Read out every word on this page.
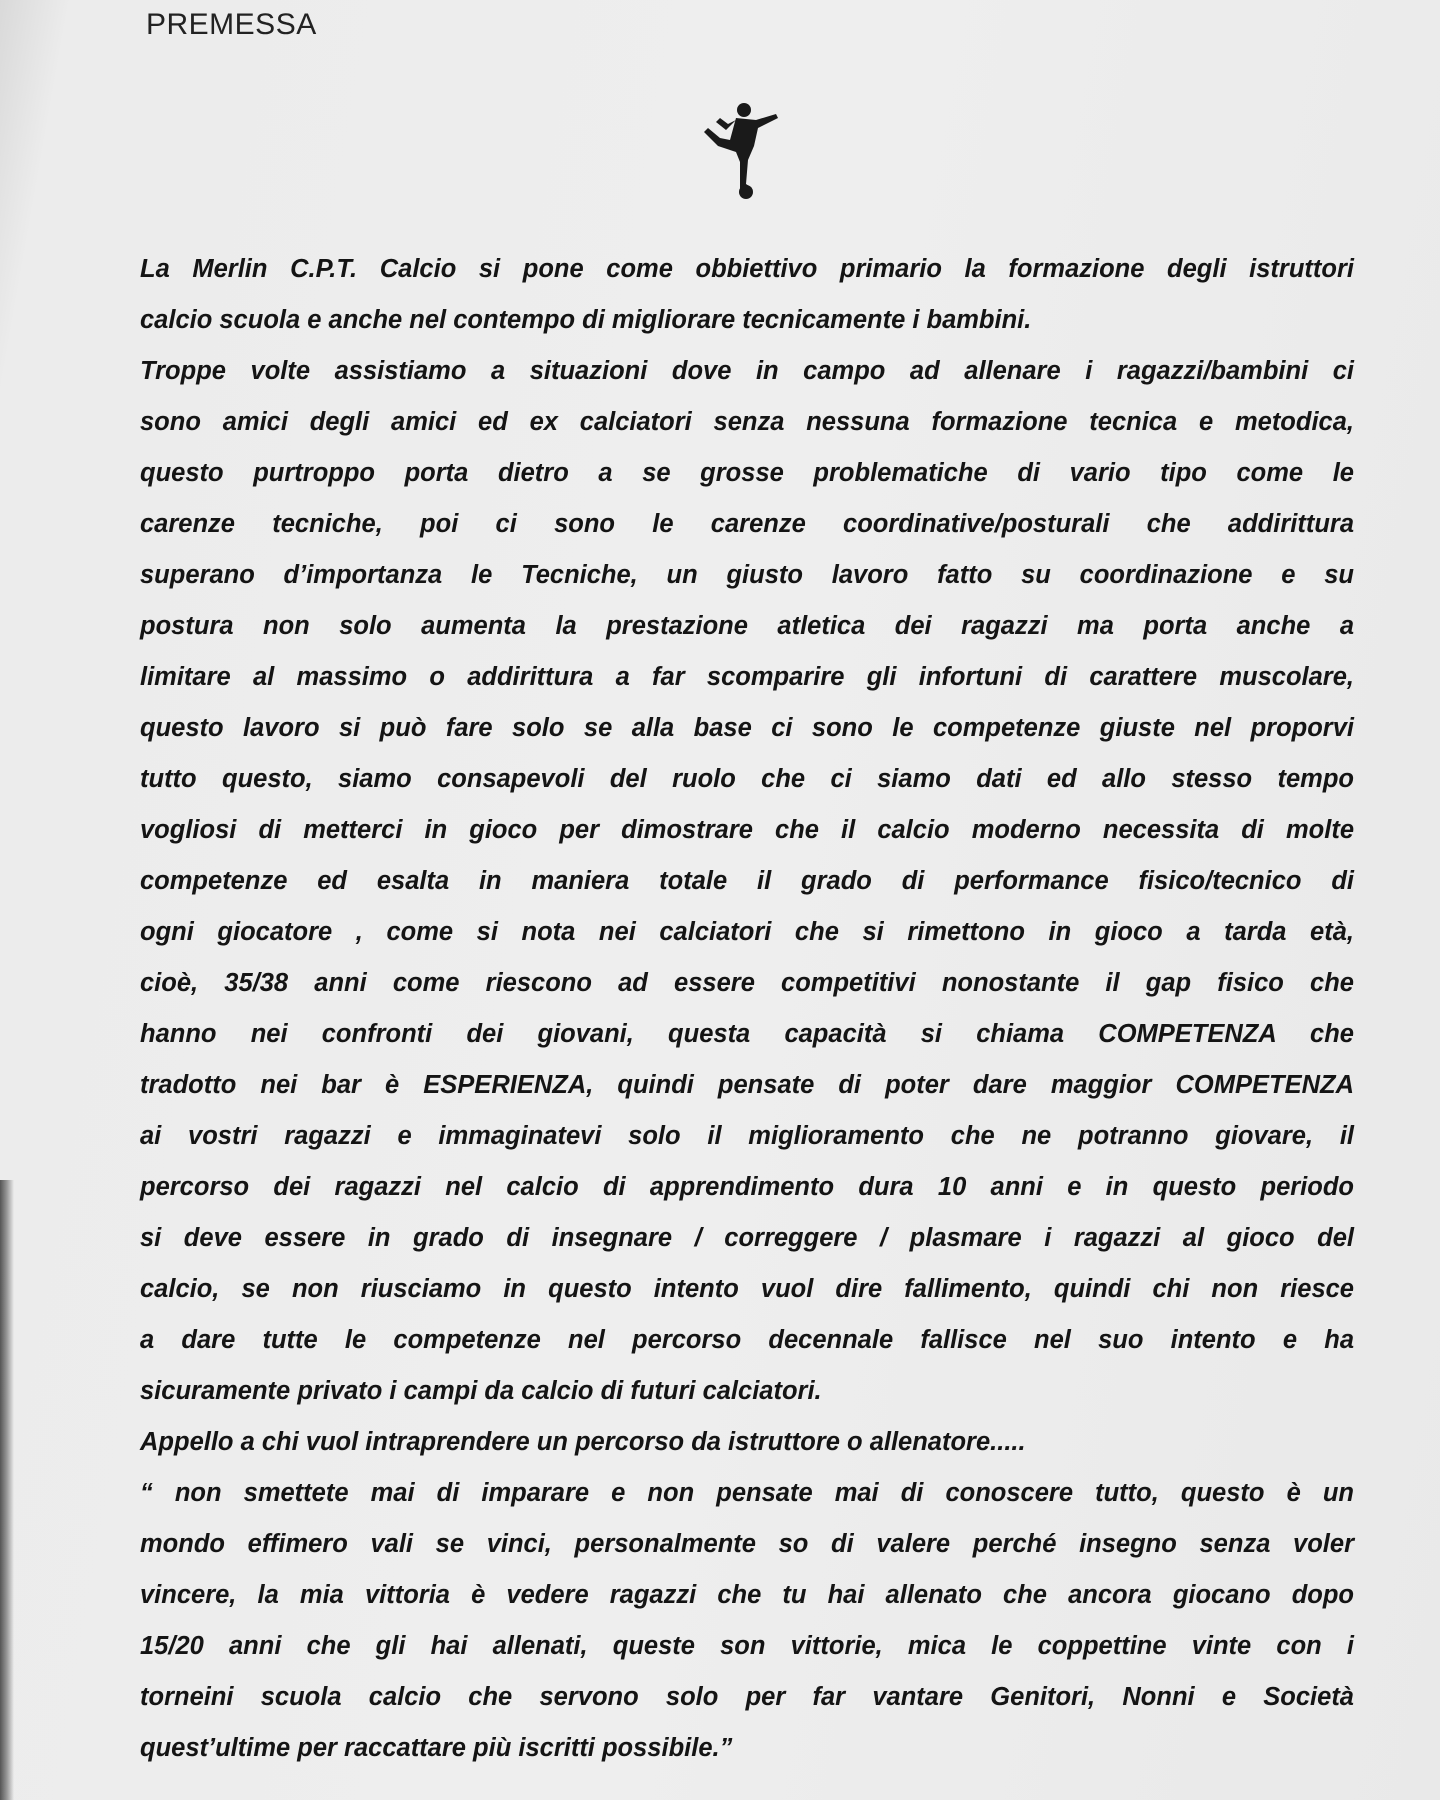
PREMESSA
La Merlin C.P.T. Calcio si pone come obbiettivo primario la formazione degli istruttori
calcio scuola e anche nel contempo di migliorare tecnicamente i bambini.
Troppe volte assistiamo a situazioni dove in campo ad allenare i ragazzi/bambini ci
sono amici degli amici ed ex calciatori senza nessuna formazione tecnica e metodica,
questo purtroppo porta dietro a se grosse problematiche di vario tipo come le
carenze tecniche, poi ci sono le carenze coordinative/posturali che addirittura
superano d’importanza le Tecniche, un giusto lavoro fatto su coordinazione e su
postura non solo aumenta la prestazione atletica dei ragazzi ma porta anche a
limitare al massimo o addirittura a far scomparire gli infortuni di carattere muscolare,
questo lavoro si può fare solo se alla base ci sono le competenze giuste nel proporvi
tutto questo, siamo consapevoli del ruolo che ci siamo dati ed allo stesso tempo
vogliosi di metterci in gioco per dimostrare che il calcio moderno necessita di molte
competenze ed esalta in maniera totale il grado di performance fisico/tecnico di
ogni giocatore , come si nota nei calciatori che si rimettono in gioco a tarda età,
cioè, 35/38 anni come riescono ad essere competitivi nonostante il gap fisico che
hanno nei confronti dei giovani, questa capacità si chiama COMPETENZA che
tradotto nei bar è ESPERIENZA, quindi pensate di poter dare maggior COMPETENZA
ai vostri ragazzi e immaginatevi solo il miglioramento che ne potranno giovare, il
percorso dei ragazzi nel calcio di apprendimento dura 10 anni e in questo periodo
si deve essere in grado di insegnare / correggere / plasmare i ragazzi al gioco del
calcio, se non riusciamo in questo intento vuol dire fallimento, quindi chi non riesce
a dare tutte le competenze nel percorso decennale fallisce nel suo intento e ha
sicuramente privato i campi da calcio di futuri calciatori.
Appello a chi vuol intraprendere un percorso da istruttore o allenatore.....
“ non smettete mai di imparare e non pensate mai di conoscere tutto, questo è un
mondo effimero vali se vinci, personalmente so di valere perché insegno senza voler
vincere, la mia vittoria è vedere ragazzi che tu hai allenato che ancora giocano dopo
15/20 anni che gli hai allenati, queste son vittorie, mica le coppettine vinte con i
torneini scuola calcio che servono solo per far vantare Genitori, Nonni e Società
quest’ultime per raccattare più iscritti possibile.”
